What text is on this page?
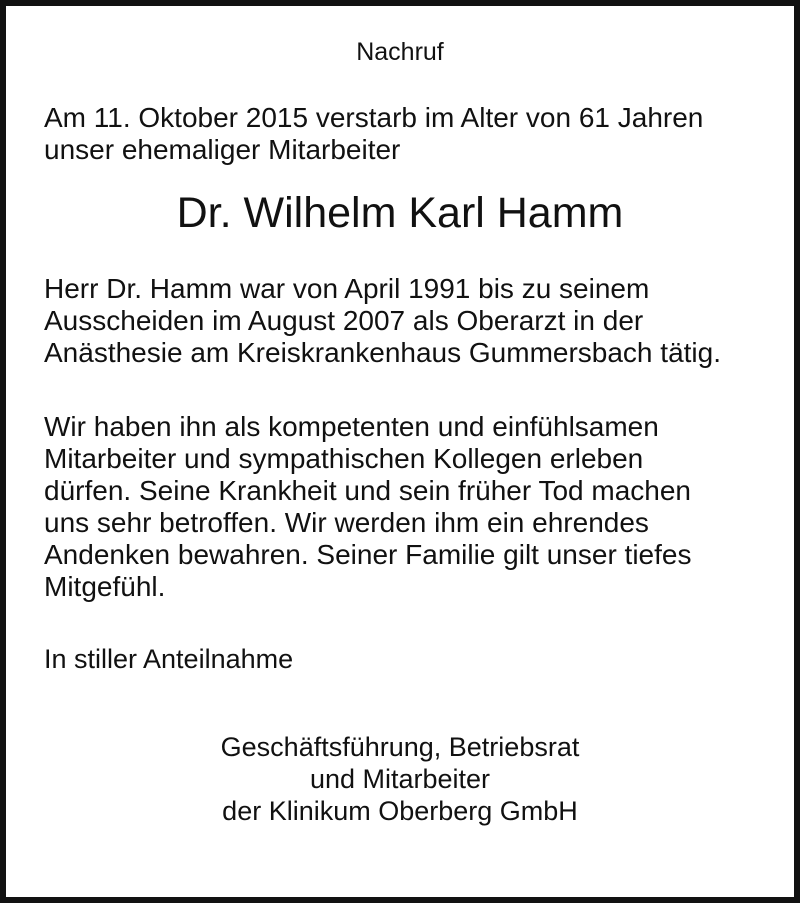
Nachruf

Am 11. Oktober 2015 verstarb im Alter von 61 Jahren
unser ehemaliger Mitarbeiter

Dr. Wilhelm Karl Hamm

Herr Dr. Hamm war von April 1991 bis zu seinem
Ausscheiden im August 2007 als Oberarzt in der
Anästhesie am Kreiskrankenhaus Gummersbach tätig.

Wir haben ihn als kompetenten und einfühlsamen
Mitarbeiter und sympathischen Kollegen erleben
dürfen. Seine Krankheit und sein früher Tod machen
uns sehr betroffen. Wir werden ihm ein ehrendes
Andenken bewahren. Seiner Familie gilt unser tiefes
Mitgefühl.

In stiller Anteilnahme

Geschäftsführung, Betriebsrat
und Mitarbeiter
der Klinikum Oberberg GmbH
